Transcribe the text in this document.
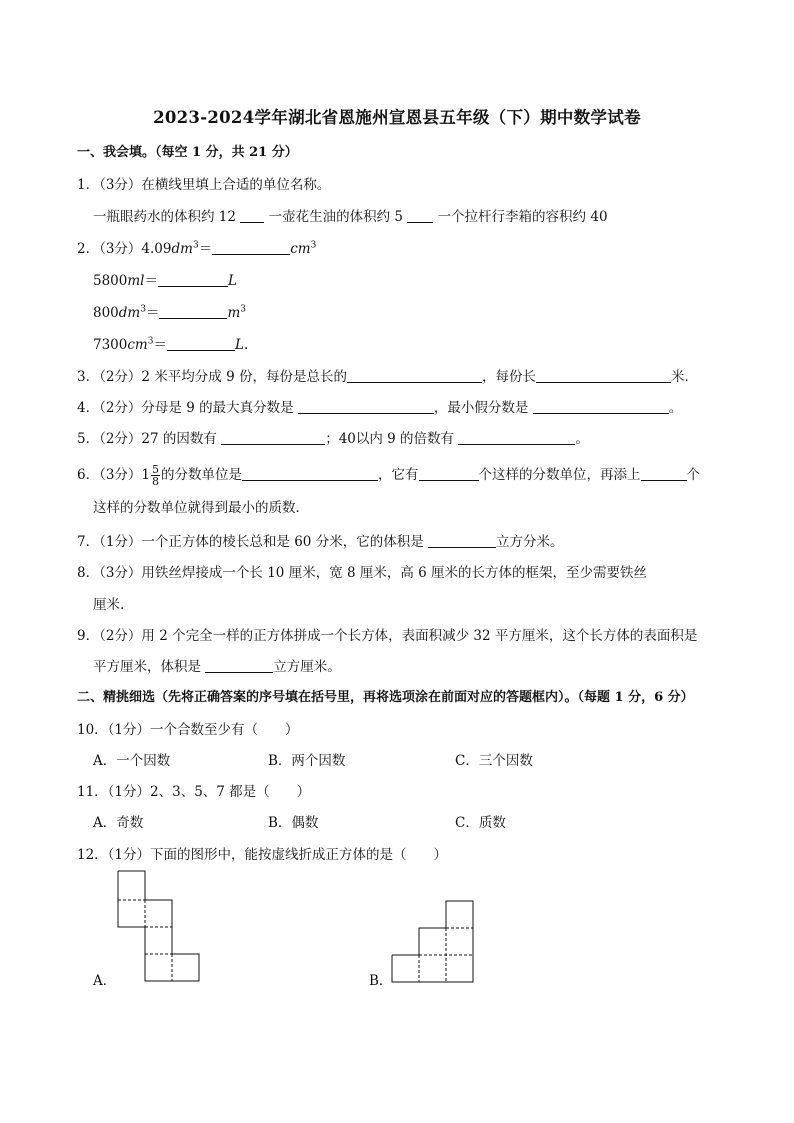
2023-2024学年湖北省恩施州宣恩县五年级（下）期中数学试卷
一、我会填。（每空 1 分，共 21 分）
1．（3分）在横线里填上合适的单位名称。
一瓶眼药水的体积约 12 一壶花生油的体积约 5	一个拉杆行李箱的容积约 40
2．（3分）$4.09dm^3=$	$cm^3$
5800ml＝	L
$800dm^3=$	$m^3$
$7300cm^3=$	L.
3．（2分）2 米平均分成 9 份，每份是总长的	，每份长	米．
4．（2分）分母是 9 的最大真分数是	，最小假分数是	。
5．（2分）27 的因数有	；40以内 9 的倍数有	。
6．（3分）$1 \frac{5}{8}$ 的分数单位是	，它有	个这样的分数单位，再添上	个
这样的分数单位就得到最小的质数．
7．（1分）一个正方体的棱长总和是 60 分米，它的体积是	立方分米。
8．（3分）用铁丝焊接成一个长 10 厘米，宽 8 厘米，高 6 厘米的长方体的框架，至少需要铁丝
厘米.
9．（2分）用 2 个完全一样的正方体拼成一个长方体，表面积减少 32 平方厘米，这个长方体的表面积是
平方厘米，体积是	立方厘米。
二、精挑细选（先将正确答案的序号填在括号里，再将选项涂在前面对应的答题框内）。（每题 1 分，6 分）
10．（1分）一个合数至少有（　　）
A．一个因数	B．两个因数	C．三个因数
11．（1分）2、3、5、7 都是（　　）
A．奇数	B．偶数	C．质数
12．（1分）下面的图形中，能按虚线折成正方体的是（　　）
A．	B．
